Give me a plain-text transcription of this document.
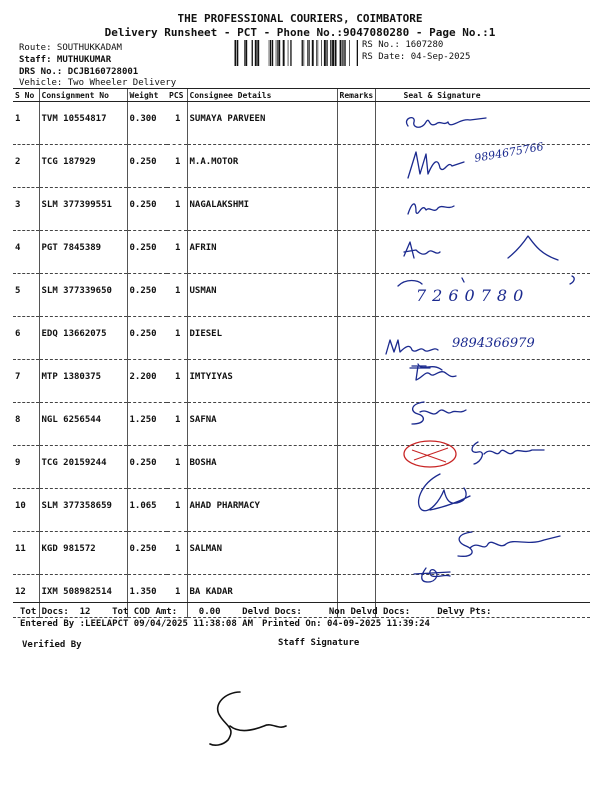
THE PROFESSIONAL COURIERS, COIMBATORE
Delivery Runsheet - PCT - Phone No.:9047080280 - Page No.:1
Route: SOUTHUKKADAM
Staff: MUTHUKUMAR
DRS No.: DCJB160728001
Vehicle: Two Wheeler Delivery
RS No.: 1607280
RS Date: 04-Sep-2025
S No	Consignment No	Weight	PCS	Consignee Details	Remarks	Seal & Signature
1	TVM 10554817	0.300	1	SUMAYA PARVEEN		
2	TCG 187929	0.250	1	M.A.MOTOR		
3	SLM 377399551	0.250	1	NAGALAKSHMI		
4	PGT 7845389	0.250	1	AFRIN		
5	SLM 377339650	0.250	1	USMAN		
6	EDQ 13662075	0.250	1	DIESEL		
7	MTP 1380375	2.200	1	IMTYIYAS		
8	NGL 6256544	1.250	1	SAFNA		
9	TCG 20159244	0.250	1	BOSHA		
10	SLM 377358659	1.065	1	AHAD PHARMACY		
11	KGD 981572	0.250	1	SALMAN		
12	IXM 508982514	1.350	1	BA KADAR		
9894675766
7260780
9894366979
Tot Docs:  12    Tot COD Amt:    0.00    Delvd Docs:     Non Delvd Docs:     Delvy Pts:
Entered By :LEELAPCT 09/04/2025 11:38:08 AM Printed On: 04-09-2025 11:39:24
Verified By	Staff Signature
